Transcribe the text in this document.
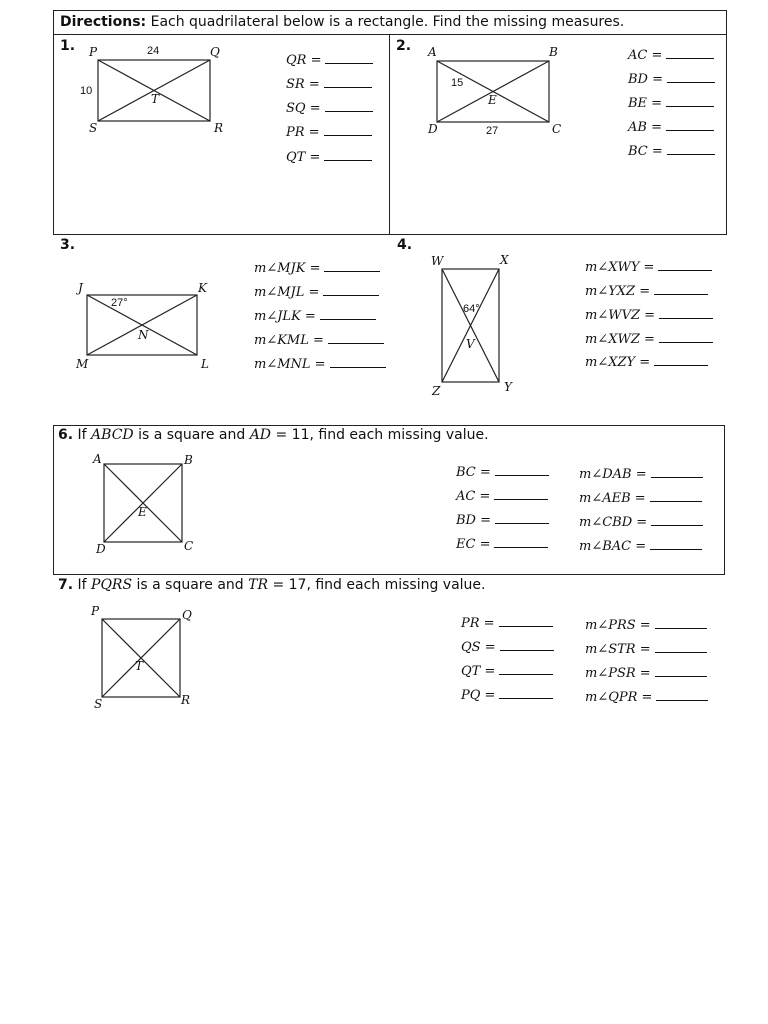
Directions: Each quadrilateral below is a rectangle. Find the missing measures.
1. P	Q
R
S
T
24
10
QR =
SR =
SQ =
PR =
QT =
2. A	B
C
D
E
15
27
AC =
BD =
BE =
AB =
BC =
3.
J	K
L
M
N
27°
m∠MJK =
m∠MJL =
m∠JLK =
m∠KML =
m∠MNL =
4.
W	X
Y
Z
V
64°
m∠XWY =
m∠YXZ =
m∠WVZ =
m∠XWZ =
m∠XZY =
6. If ABCD is a square and AD = 11, find each missing value.
A	B
C
D
E
BC =
AC =
BD =
EC =
m∠DAB =
m∠AEB =
m∠CBD =
m∠BAC =
7. If PQRS is a square and TR = 17, find each missing value.
P	Q
R
S
T
PR =
QS =
QT =
PQ =
m∠PRS =
m∠STR =
m∠PSR =
m∠QPR =
